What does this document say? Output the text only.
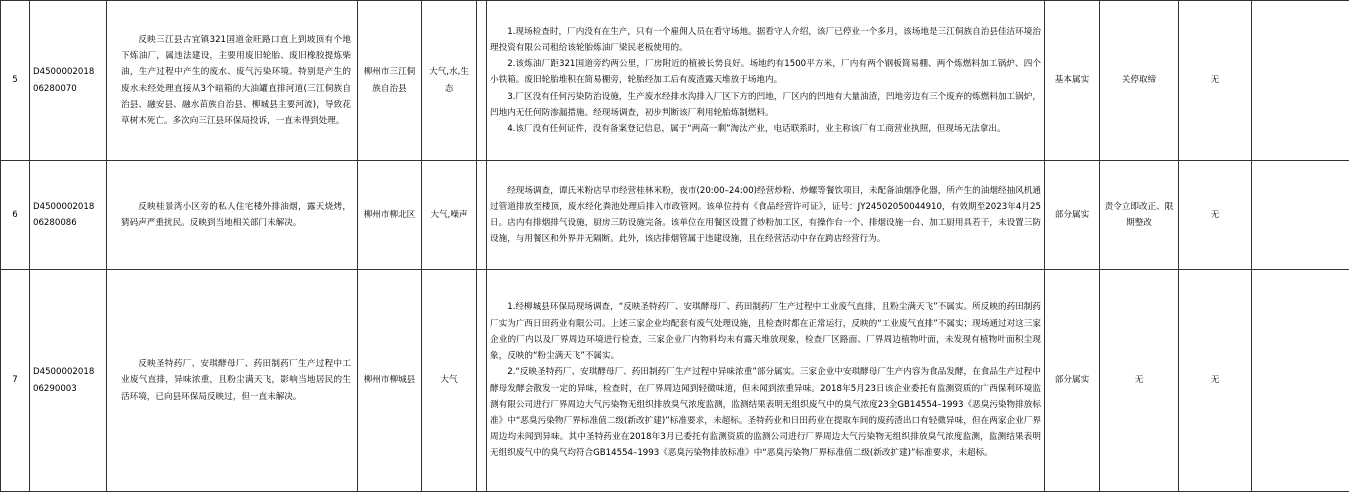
5	D4500002018 06280070	反映三江县古宜镇321国道金旺路口直上到坡顶有个地下炼油厂，属违法建设，主要用废旧轮胎、废旧橡胶提炼柴油，生产过程中产生的废水、废气污染环境。特别是产生的废水未经处理直接从3个暗箱的大油罐直排河道(三江侗族自治县、融安县、融水苗族自治县、柳城县主要河流)，导致花草树木死亡。多次向三江县环保局投诉，一直未得到处理。	柳州市三江侗族自治县	大气,水,生态		1.现场检查时，厂内没有在生产，只有一个雇佣人员在看守场地。据看守人介绍，该厂已停业一个多月，该场地是三江侗族自治县佳洁环境治理投资有限公司租给该轮胎炼油厂梁民老板使用的。

2.该炼油厂距321国道旁约两公里，厂房附近的植被长势良好。场地约有1500平方米，厂内有两个钢板简易棚、两个炼燃料加工锅炉、四个小铁箱。废旧轮胎堆积在简易棚旁，轮胎经加工后有废渣露天堆放于场地内。

3.厂区没有任何污染防治设施，生产废水经排水沟排入厂区下方的凹地，厂区内的凹地有大量油渣，凹地旁边有三个废弃的炼燃料加工锅炉，凹地内无任何防渗漏措施。经现场调查，初步判断该厂利用轮胎炼制燃料。

4.该厂没有任何证件，没有备案登记信息，属于“两高一剩”淘汰产业，电话联系时，业主称该厂有工商营业执照，但现场无法拿出。	基本属实	关停取缔	无	
6	D4500002018 06280086	反映桂景湾小区旁的私人住宅楼外排油烟，露天烧烤，猜码声严重扰民。反映到当地相关部门未解决。	柳州市柳北区	大气,噪声		经现场调查，谭氏米粉店早市经营桂林米粉，夜市(20:00–24:00)经营炒粉、炒螺等餐饮项目，未配备油烟净化器，所产生的油烟经抽风机通过管道排放至楼顶，废水经化粪池处理后排入市政管网。该单位持有《食品经营许可证》，证号：JY24502050044910，有效期至2023年4月25日。店内有排烟排气设施，厨房三防设施完备。该单位在用餐区设置了炒粉加工区，有操作台一个、排烟设施一台、加工厨用具若干，未设置三防设施，与用餐区和外界并无隔断。此外，该店排烟管属于违建设施，且在经营活动中存在跨店经营行为。	部分属实	责令立即改正、限期整改	无	
7	D4500002018 06290003	反映圣特药厂、安琪酵母厂、药田制药厂生产过程中工业废气直排，异味浓重，且粉尘满天飞，影响当地居民的生活环境，已向县环保局反映过，但一直未解决。	柳州市柳城县	大气		1.经柳城县环保局现场调查，“反映圣特药厂、安琪酵母厂、药田制药厂生产过程中工业废气直排，且粉尘满天飞”不属实。所反映的药田制药厂实为广西日田药业有限公司。上述三家企业均配套有废气处理设施，且检查时都在正常运行，反映的“工业废气直排”不属实；现场通过对这三家企业的厂内以及厂界周边环境进行检查，三家企业厂内物料均未有露天堆放现象，检查厂区路面、厂界周边植物叶面，未发现有植物叶面积尘现象，反映的“粉尘满天飞”不属实。

2.“反映圣特药厂、安琪酵母厂、药田制药厂生产过程中异味浓重”部分属实。三家企业中安琪酵母厂生产内容为食品发酵，在食品生产过程中酵母发酵会散发一定的异味，检查时，在厂界周边闻到轻微味道，但未闻到浓重异味。2018年5月23日该企业委托有监测资质的广西保利环境监测有限公司进行厂界周边大气污染物无组织排放臭气浓度监测，监测结果表明无组织废气中的臭气浓度23全GB14554–1993《恶臭污染物排放标准》中“恶臭污染物厂界标准值二级(新改扩建)”标准要求，未超标。圣特药业和日田药业在提取车间的废药渣出口有轻微异味，但在两家企业厂界周边均未闻到异味。其中圣特药业在2018年3月已委托有监测资质的监测公司进行厂界周边大气污染物无组织排放臭气浓度监测，监测结果表明无组织废气中的臭气均符合GB14554–1993《恶臭污染物排放标准》中“恶臭污染物厂界标准值二级(新改扩建)”标准要求，未超标。	部分属实	无	无	
